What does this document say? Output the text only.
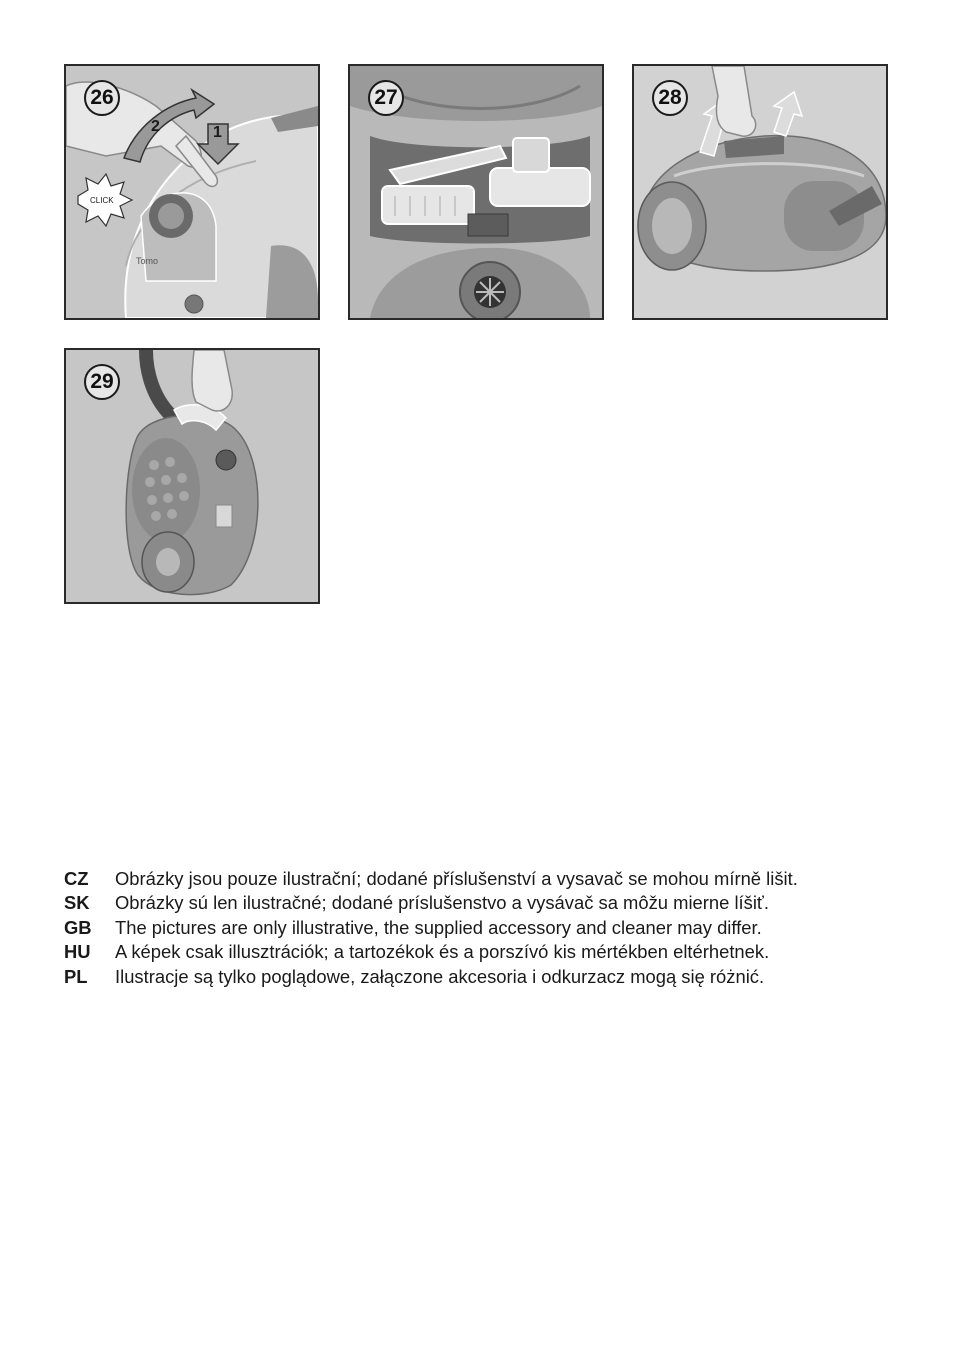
Tomo
26
2	1
CLICK
27	28
29
CZ	Obrázky jsou pouze ilustrační; dodané příslušenství a vysavač se mohou mírně lišit.
SK	Obrázky sú len ilustračné; dodané príslušenstvo a vysávač sa môžu mierne líšiť.
GB	The pictures are only illustrative, the supplied accessory and cleaner may differ.
HU	A képek csak illusztrációk; a tartozékok és a porszívó kis mértékben eltérhetnek.
PL	Ilustracje są tylko poglądowe, załączone akcesoria i odkurzacz mogą się różnić.
